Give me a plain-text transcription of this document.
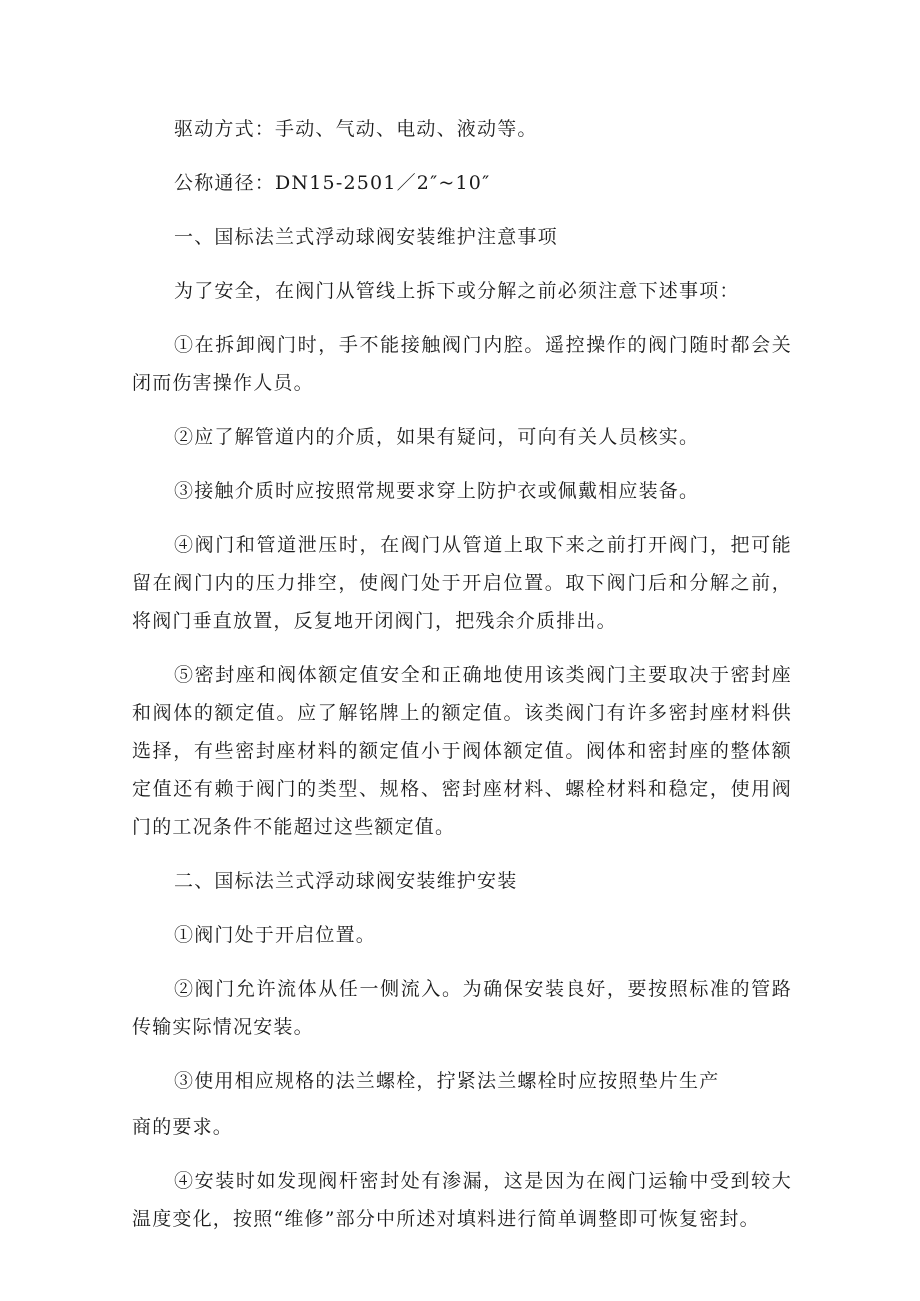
驱动方式：手动、气动、电动、液动等。

公称通径：DN15-2501／2″~10″

一、国标法兰式浮动球阀安装维护注意事项

为了安全，在阀门从管线上拆下或分解之前必须注意下述事项：

①在拆卸阀门时，手不能接触阀门内腔。遥控操作的阀门随时都会关闭而伤害操作人员。

②应了解管道内的介质，如果有疑问，可向有关人员核实。

③接触介质时应按照常规要求穿上防护衣或佩戴相应装备。

④阀门和管道泄压时，在阀门从管道上取下来之前打开阀门，把可能留在阀门内的压力排空，使阀门处于开启位置。取下阀门后和分解之前，将阀门垂直放置，反复地开闭阀门，把残余介质排出。

⑤密封座和阀体额定值安全和正确地使用该类阀门主要取决于密封座和阀体的额定值。应了解铭牌上的额定值。该类阀门有许多密封座材料供选择，有些密封座材料的额定值小于阀体额定值。阀体和密封座的整体额定值还有赖于阀门的类型、规格、密封座材料、螺栓材料和稳定，使用阀门的工况条件不能超过这些额定值。

二、国标法兰式浮动球阀安装维护安装

①阀门处于开启位置。

②阀门允许流体从任一侧流入。为确保安装良好，要按照标准的管路传输实际情况安装。

③使用相应规格的法兰螺栓，拧紧法兰螺栓时应按照垫片生产

商的要求。

④安装时如发现阀杆密封处有渗漏，这是因为在阀门运输中受到较大温度变化，按照“维修”部分中所述对填料进行简单调整即可恢复密封。
